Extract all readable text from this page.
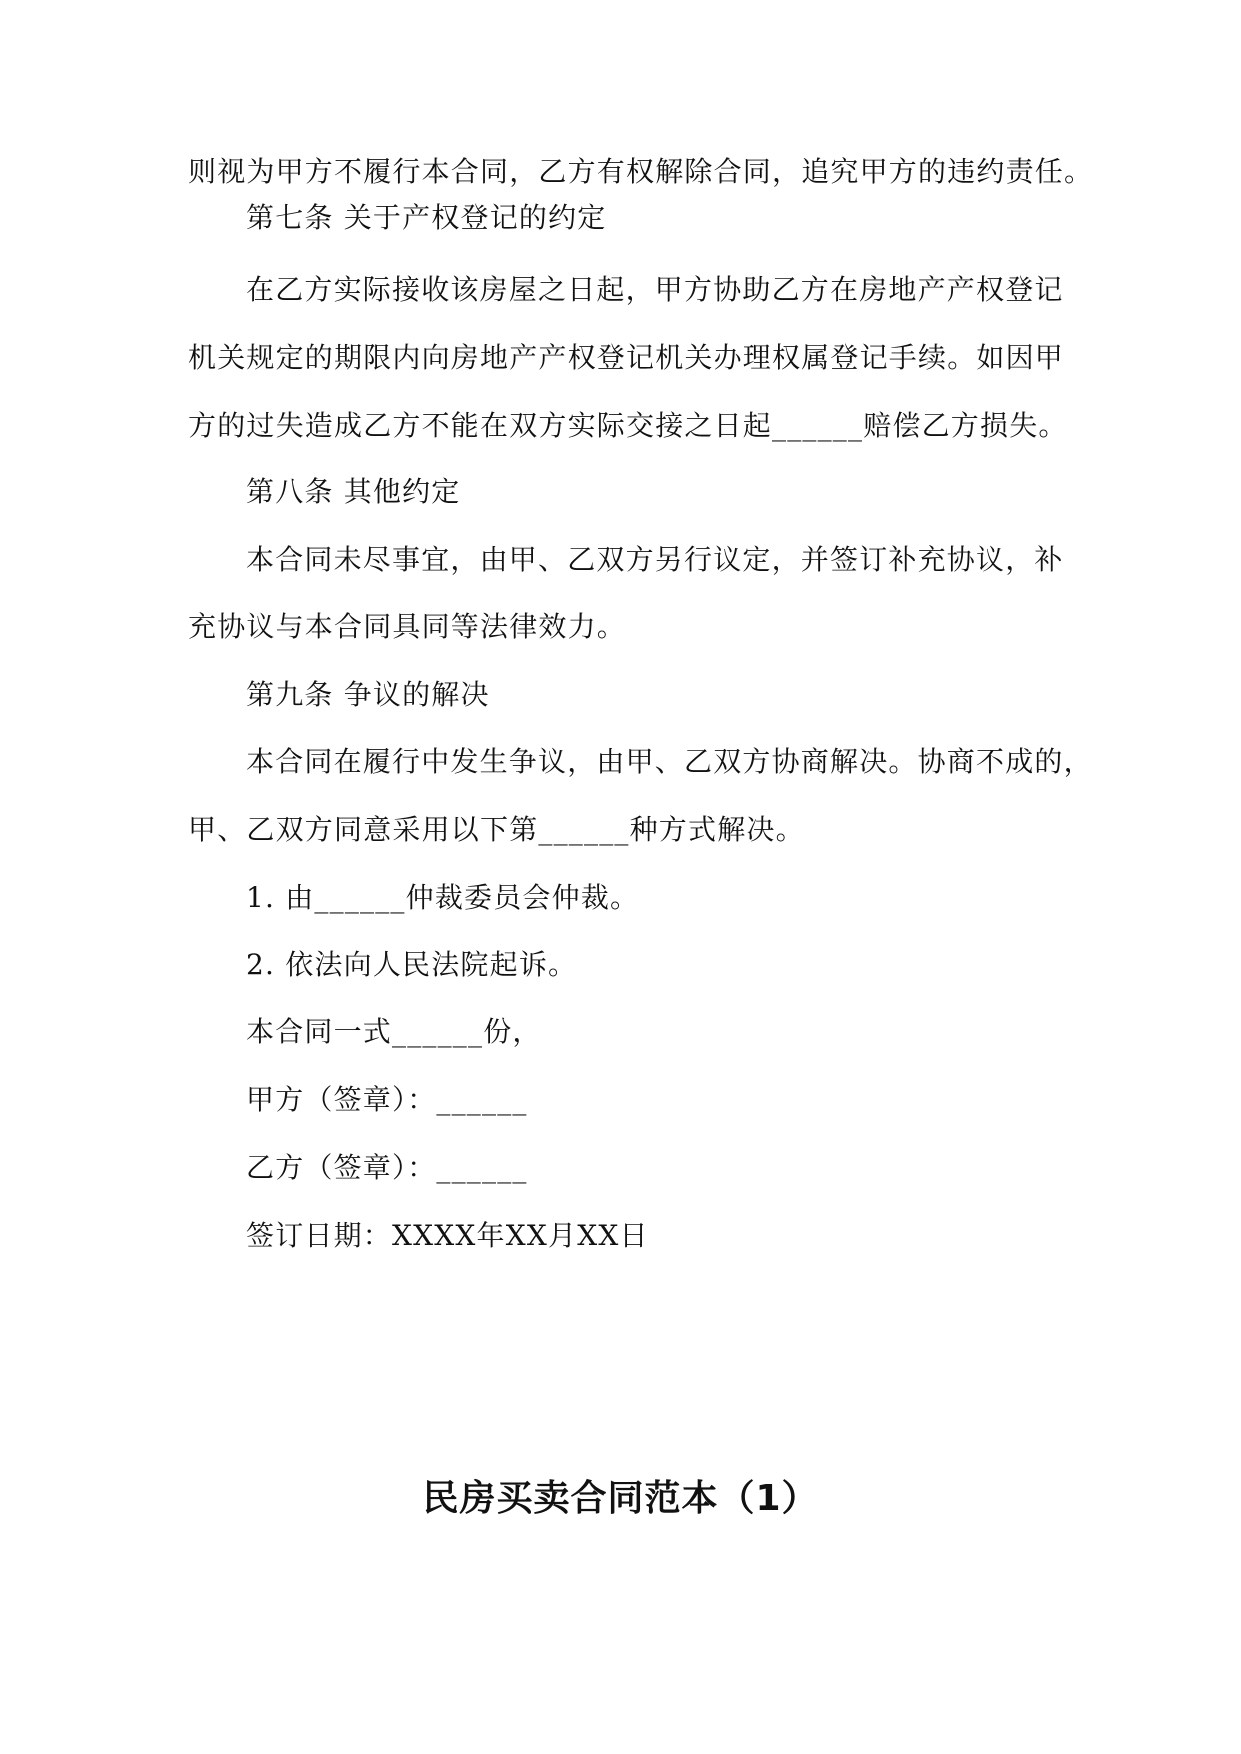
则视为甲方不履行本合同，乙方有权解除合同，追究甲方的违约责任。
第七条 关于产权登记的约定
在乙方实际接收该房屋之日起，甲方协助乙方在房地产产权登记
机关规定的期限内向房地产产权登记机关办理权属登记手续。如因甲
方的过失造成乙方不能在双方实际交接之日起______赔偿乙方损失。
第八条 其他约定
本合同未尽事宜，由甲、乙双方另行议定，并签订补充协议，补
充协议与本合同具同等法律效力。
第九条 争议的解决
本合同在履行中发生争议，由甲、乙双方协商解决。协商不成的，
甲、乙双方同意采用以下第______种方式解决。
1. 由______仲裁委员会仲裁。
2. 依法向人民法院起诉。
本合同一式______份，
甲方（签章）：______
乙方（签章）：______
签订日期：XXXX年XX月XX日
民房买卖合同范本（1）
